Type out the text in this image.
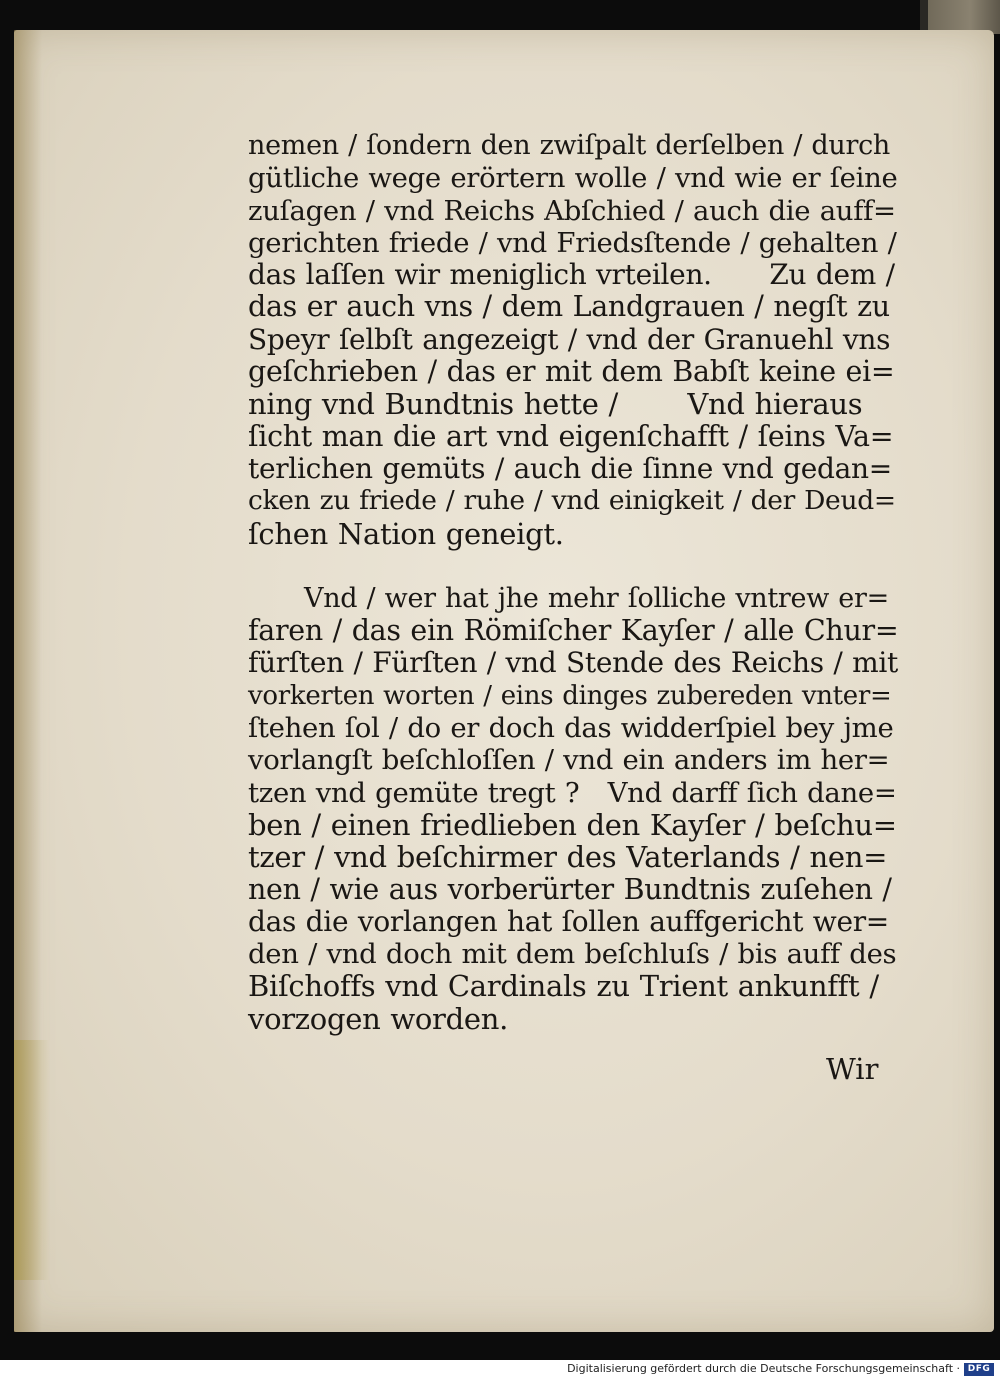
nemen / ſondern den zwiſpalt derſelben / durch
gütliche wege erörtern wolle / vnd wie er ſeine
zuſagen / vnd Reichs Abſchied / auch die auff=
gerichten friede / vnd Friedsſtende / gehalten /
das laſſen wir meniglich vrteilen.      Zu dem /
das er auch vns / dem Landgrauen / negſt zu
Speyr ſelbſt angezeigt / vnd der Granuehl vns
geſchrieben / das er mit dem Babſt keine ei=
ning vnd Bundtnis hette /       Vnd hieraus
ſicht man die art vnd eigenſchafft / ſeins Va=
terlichen gemüts / auch die ſinne vnd gedan=
cken zu friede / ruhe / vnd einigkeit / der Deud=
ſchen Nation geneigt.
Vnd / wer hat jhe mehr ſolliche vntrew er=
faren / das ein Römiſcher Kayſer / alle Chur=
fürſten / Fürſten / vnd Stende des Reichs / mit
vorkerten worten / eins dinges zubereden vnter=
ſtehen ſol / do er doch das widderſpiel bey jme
vorlangſt beſchloſſen / vnd ein anders im her=
tzen vnd gemüte tregt ?   Vnd darff ſich dane=
ben / einen friedlieben den Kayſer / beſchu=
tzer / vnd beſchirmer des Vaterlands / nen=
nen / wie aus vorberürter Bundtnis zuſehen /
das die vorlangen hat ſollen auffgericht wer=
den / vnd doch mit dem beſchluſs / bis auff des
Biſchoffs vnd Cardinals zu Trient ankunfft /
vorzogen worden.
Wir
Digitalisierung gefördert durch die Deutsche Forschungsgemeinschaft · DFG
